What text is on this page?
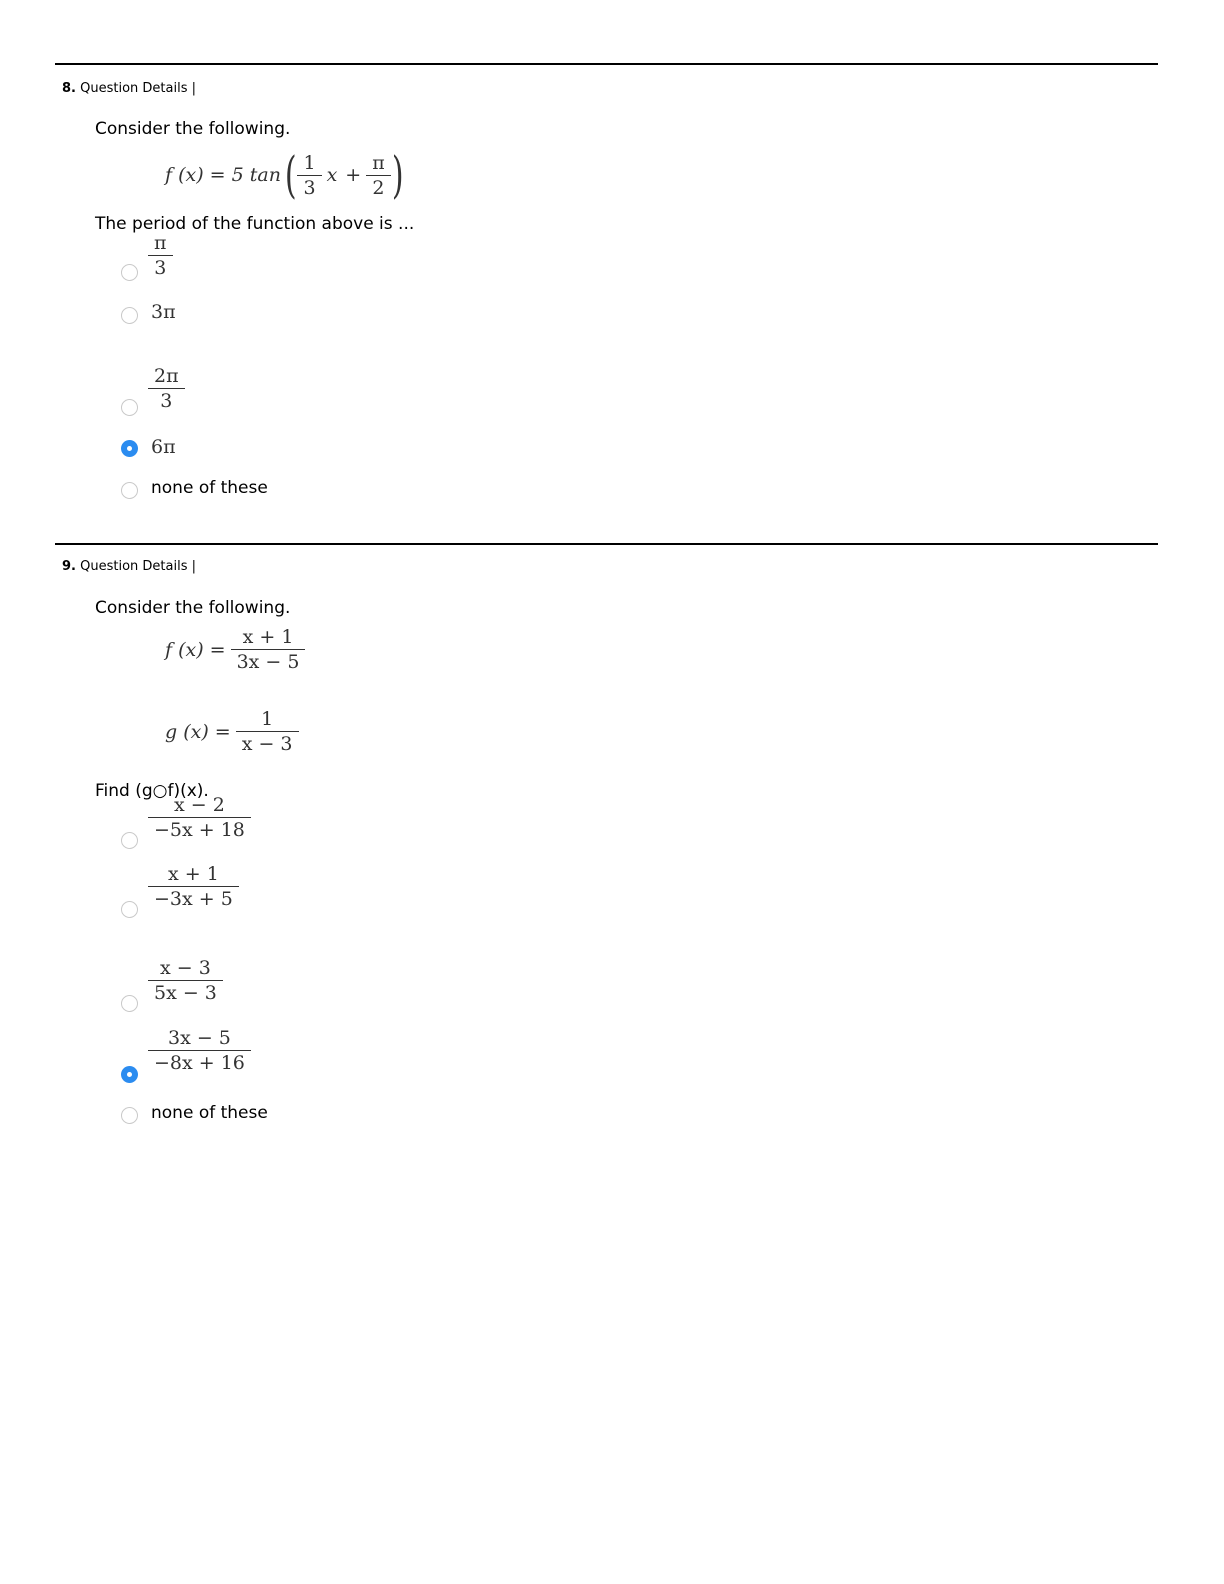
8. Question Details |
Consider the following.
f (x) = 5 tan ( $\frac{1}{3}$ $x + \frac{\pi}{2}$ )
The period of the function above is ...
$\frac{\pi}{3}$
3π
$\frac{2\pi}{3}$
6π
none of these
9. Question Details |
Consider the following.
f $(x) = \frac{x + 1}{3x - 5}$
g $(x) = \frac{1}{x - 3}$
Find (g○f)(x).
$\frac{x - 2}{-5x + 18}$
$\frac{x + 1}{-3x + 5}$
$\frac{x - 3}{5x - 3}$
$\frac{3x - 5}{-8x + 16}$
none of these
